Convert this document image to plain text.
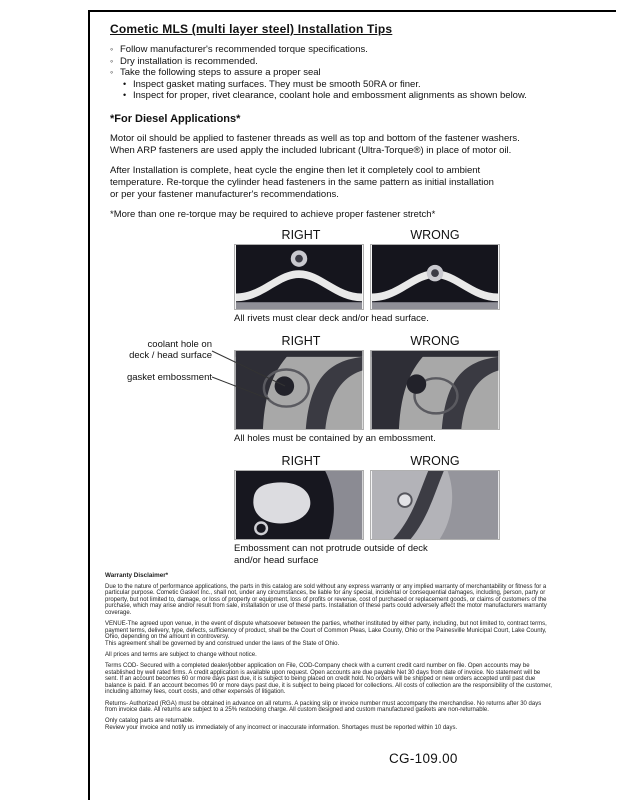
Cometic MLS (multi layer steel) Installation Tips
◦
Follow manufacturer's recommended torque specifications.
◦
Dry installation is recommended.
◦
Take the following steps to assure a proper seal
•
Inspect gasket mating surfaces. They must be smooth 50RA or finer.
•
Inspect for proper, rivet clearance, coolant hole and embossment alignments as shown below.
*For Diesel Applications*
Motor oil should be applied to fastener threads as well as top and bottom of the fastener washers.
When ARP fasteners are used apply the included lubricant (Ultra-Torque®) in place of motor oil.
After Installation is complete, heat cycle the engine then let it completely cool to ambient
temperature. Re-torque the cylinder head fasteners in the same pattern as initial installation
or per your fastener manufacturer's recommendations.
*More than one re-torque may be required to achieve proper fastener stretch*
RIGHT	WRONG
All rivets must clear deck and/or head surface.
coolant hole on
deck / head surface
gasket embossment
RIGHT	WRONG
All holes must be contained by an embossment.
RIGHT	WRONG
Embossment can not protrude outside of deck and/or head surface
Warranty Disclaimer*

Due to the nature of performance applications, the parts in this catalog are sold without any express warranty or any implied warranty of merchantability or fitness for a particular purpose. Cometic Gasket Inc., shall not, under any circumstances, be liable for any special, incidental or consequential damages, including, person, party or property, but not limited to, damage, or loss of property or equipment, loss of profits or revenue, cost of purchased or replacement goods, or claims of customers of the purchase, which may arise and/or result from sale, installation or use of these parts. Installation of these parts could adversely affect the motor manufacturers warranty coverage.

VENUE-The agreed upon venue, in the event of dispute whatsoever between the parties, whether instituted by either party, including, but not limited to, contract terms, payment terms, delivery, type, defects, sufficiency of product, shall be the Court of Common Pleas, Lake County, Ohio or the Painesville Municipal Court, Lake County, Ohio, depending on the amount in controversy.

This agreement shall be governed by and construed under the laws of the State of Ohio.

All prices and terms are subject to change without notice.

Terms COD- Secured with a completed dealer/jobber application on File, COD-Company check with a current credit card number on file. Open accounts may be established by well rated firms. A credit application is available upon request. Open accounts are due payable Net 30 days from date of invoice. No statement will be sent. If an account becomes 60 or more days past due, it is subject to being placed on credit hold. No orders will be shipped or new orders accepted until past due balance is paid. If an account becomes 90 or more days past due, it is subject to being placed for collections. All costs of collection are the responsibility of the customer, including attorney fees, court costs, and other expenses of litigation.

Returns- Authorized (RGA) must be obtained in advance on all returns. A packing slip or invoice number must accompany the merchandise. No returns after 30 days from invoice date. All returns are subject to a 25% restocking charge. All custom designed and custom manufactured gaskets are non-returnable.

Only catalog parts are returnable.

Review your invoice and notify us immediately of any incorrect or inaccurate information. Shortages must be reported within 10 days.

CG-109.00
